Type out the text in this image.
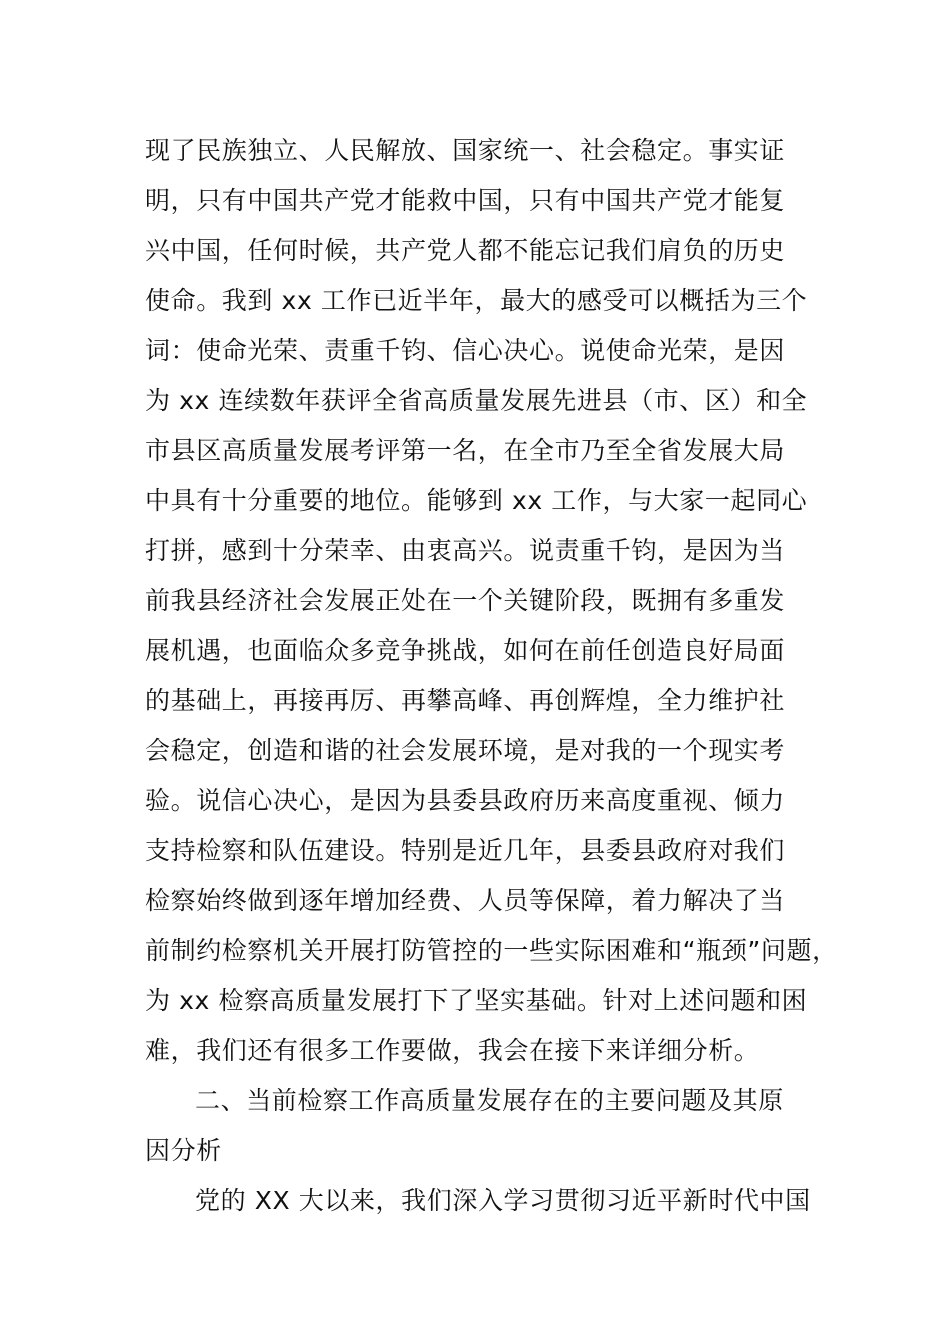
现了民族独立、人民解放、国家统一、社会稳定。事实证
明，只有中国共产党才能救中国，只有中国共产党才能复
兴中国，任何时候，共产党人都不能忘记我们肩负的历史
使命。我到 xx 工作已近半年，最大的感受可以概括为三个
词：使命光荣、责重千钧、信心决心。说使命光荣，是因
为 xx 连续数年获评全省高质量发展先进县（市、区）和全
市县区高质量发展考评第一名，在全市乃至全省发展大局
中具有十分重要的地位。能够到 xx 工作，与大家一起同心
打拼，感到十分荣幸、由衷高兴。说责重千钧，是因为当
前我县经济社会发展正处在一个关键阶段，既拥有多重发
展机遇，也面临众多竞争挑战，如何在前任创造良好局面
的基础上，再接再厉、再攀高峰、再创辉煌，全力维护社
会稳定，创造和谐的社会发展环境，是对我的一个现实考
验。说信心决心，是因为县委县政府历来高度重视、倾力
支持检察和队伍建设。特别是近几年，县委县政府对我们
检察始终做到逐年增加经费、人员等保障，着力解决了当
前制约检察机关开展打防管控的一些实际困难和“瓶颈”问题，
为 xx 检察高质量发展打下了坚实基础。针对上述问题和困
难，我们还有很多工作要做，我会在接下来详细分析。
二、当前检察工作高质量发展存在的主要问题及其原
因分析
党的 XX 大以来，我们深入学习贯彻习近平新时代中国
